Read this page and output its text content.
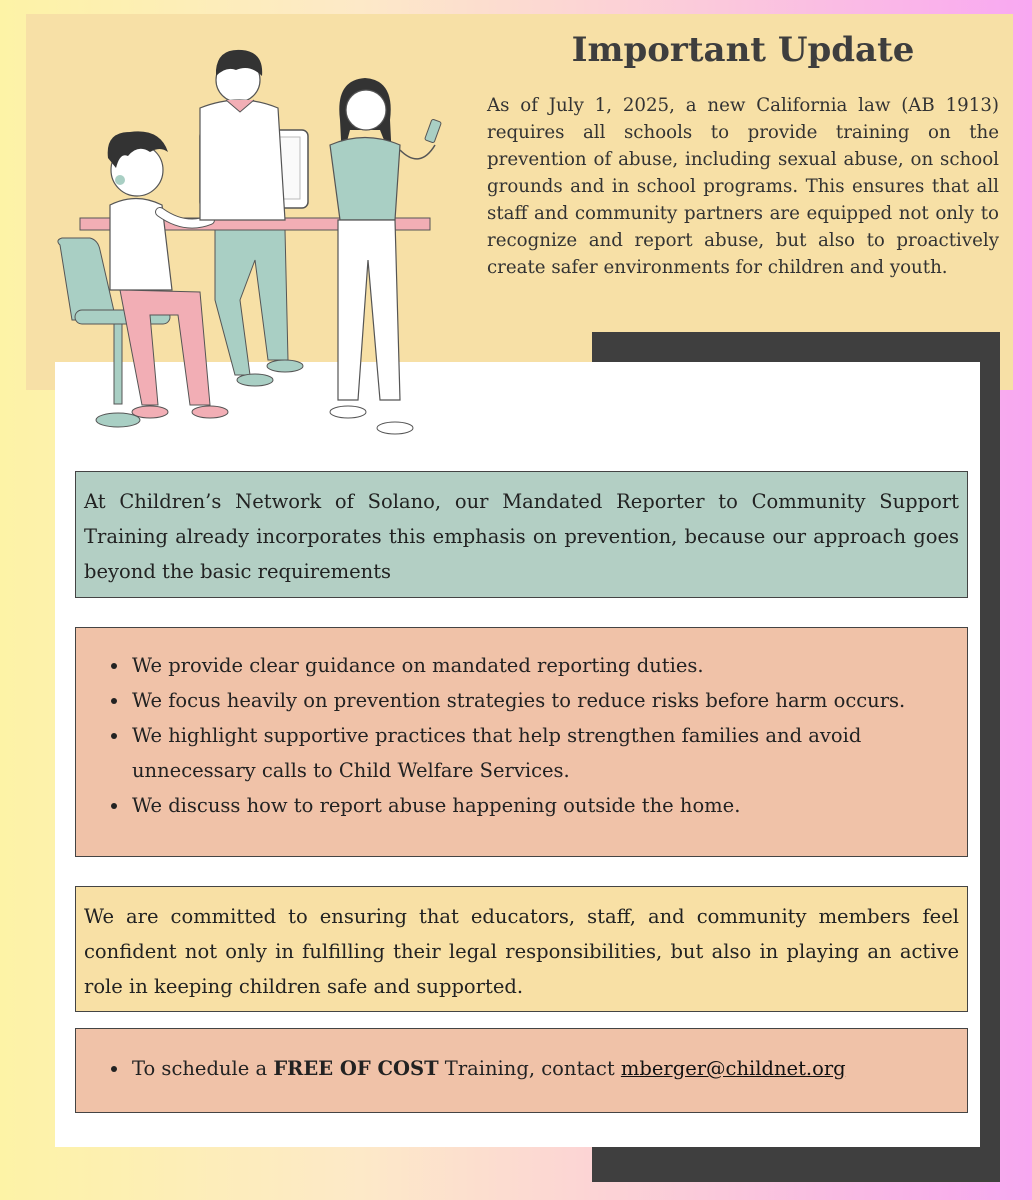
Important Update

As of July 1, 2025, a new California law (AB 1913) requires all schools to provide training on the prevention of abuse, including sexual abuse, on school grounds and in school programs. This ensures that all staff and community partners are equipped not only to recognize and report abuse, but also to proactively create safer environments for children and youth.

At Children’s Network of Solano, our Mandated Reporter to Community Support Training already incorporates this emphasis on prevention, because our approach goes beyond the basic requirements

• We provide clear guidance on mandated reporting duties.
• We focus heavily on prevention strategies to reduce risks before harm occurs.
• We highlight supportive practices that help strengthen families and avoid unnecessary calls to Child Welfare Services.
• We discuss how to report abuse happening outside the home.

We are committed to ensuring that educators, staff, and community members feel confident not only in fulfilling their legal responsibilities, but also in playing an active role in keeping children safe and supported.

• To schedule a FREE OF COST Training, contact mberger@childnet.org
